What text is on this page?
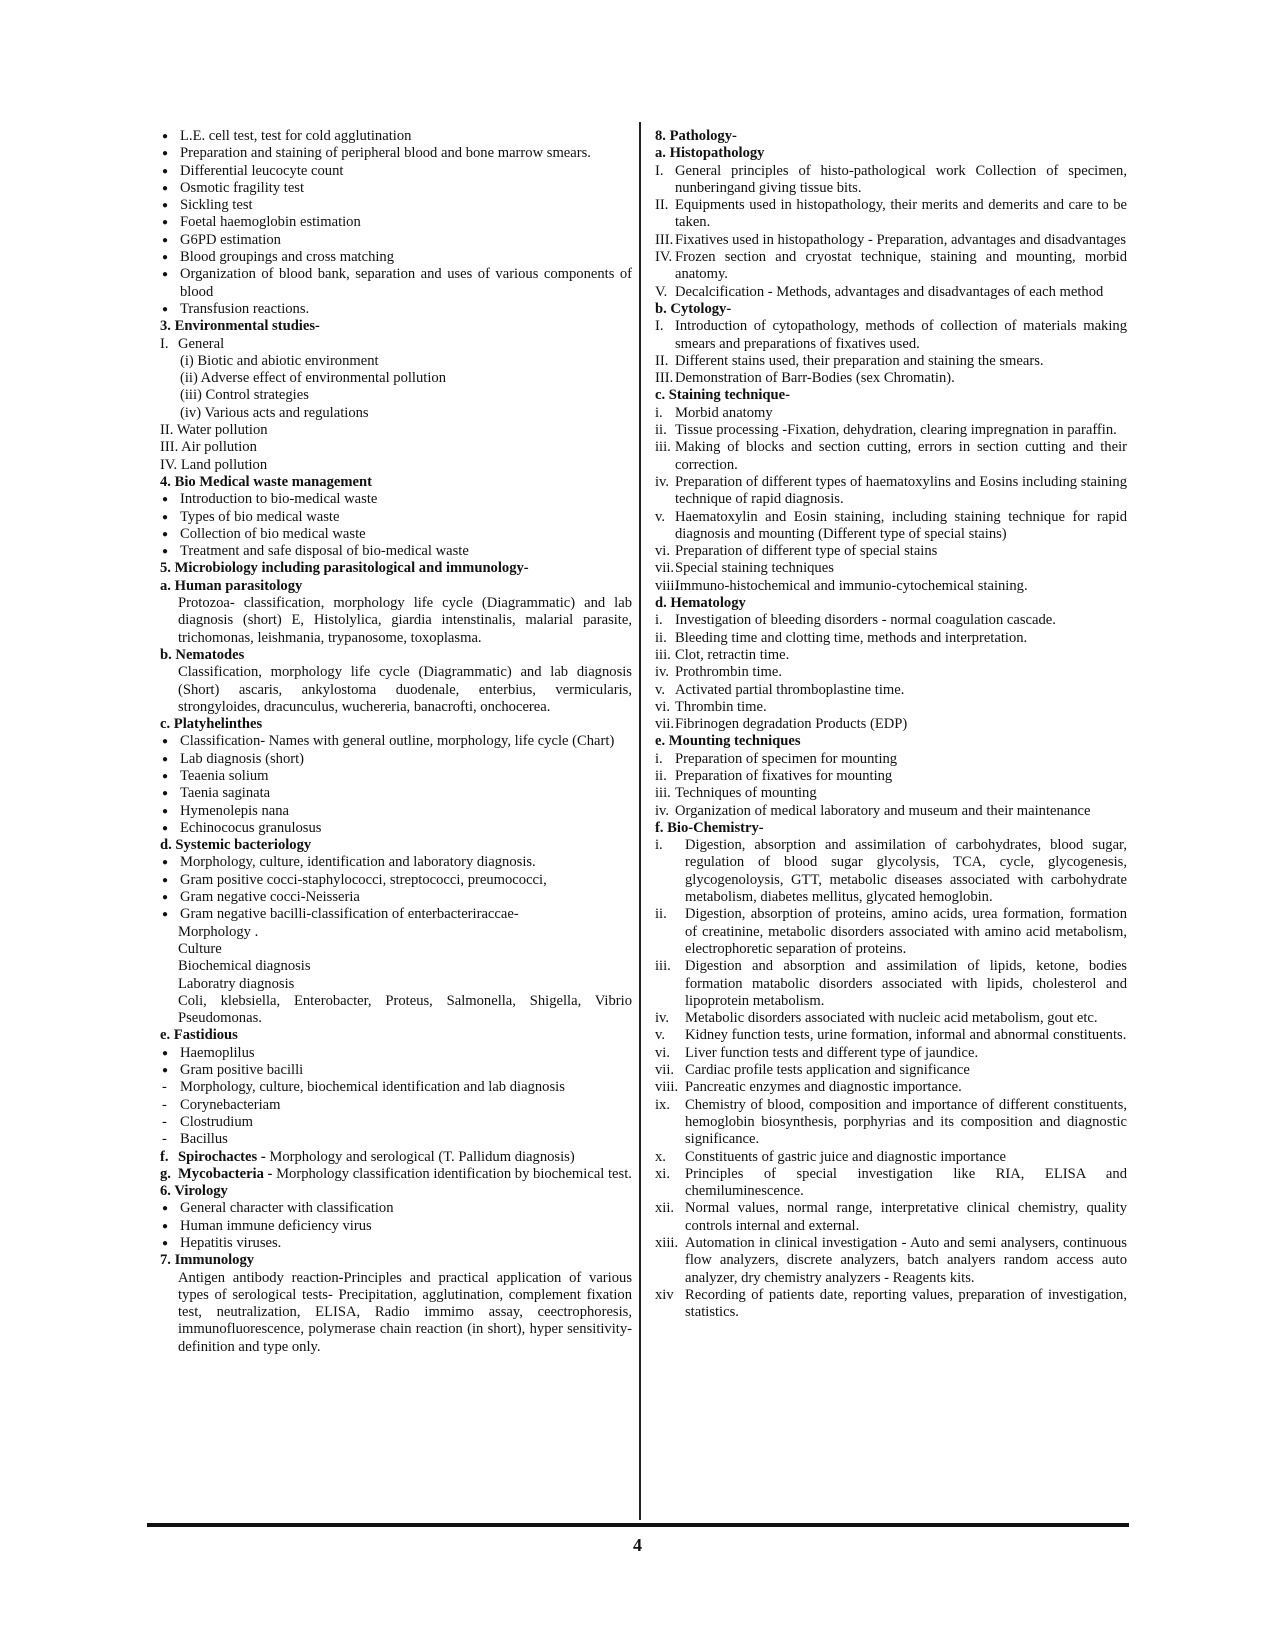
● L.E. cell test, test for cold agglutination
● Preparation and staining of peripheral blood and bone marrow smears.
● Differential leucocyte count
● Osmotic fragility test
● Sickling test
● Foetal haemoglobin estimation
● G6PD estimation
● Blood groupings and cross matching
● Organization of blood bank, separation and uses of various components of blood
● Transfusion reactions.
3. Environmental studies-
I. General
(i) Biotic and abiotic environment
(ii) Adverse effect of environmental pollution
(iii) Control strategies
(iv) Various acts and regulations
II. Water pollution
III. Air pollution
IV. Land pollution
4. Bio Medical waste management
● Introduction to bio-medical waste
● Types of bio medical waste
● Collection of bio medical waste
● Treatment and safe disposal of bio-medical waste
5. Microbiology including parasitological and immunology-
a. Human parasitology
Protozoa- classification, morphology life cycle (Diagrammatic) and lab diagnosis (short) E, Histolylica, giardia intenstinalis, malarial parasite, trichomonas, leishmania, trypanosome, toxoplasma.
b. Nematodes
Classification, morphology life cycle (Diagrammatic) and lab diagnosis (Short) ascaris, ankylostoma duodenale, enterbius, vermicularis, strongyloides, dracunculus, wuchereria, banacrofti, onchocerea.
c. Platyhelinthes
● Classification- Names with general outline, morphology, life cycle (Chart)
● Lab diagnosis (short)
● Teaenia solium
● Taenia saginata
● Hymenolepis nana
● Echinococus granulosus
d. Systemic bacteriology
● Morphology, culture, identification and laboratory diagnosis.
● Gram positive cocci-staphylococci, streptococci, preumococci,
● Gram negative cocci-Neisseria
● Gram negative bacilli-classification of enterbacteriraccae-
Morphology .
Culture
Biochemical diagnosis
Laboratry diagnosis
Coli, klebsiella, Enterobacter, Proteus, Salmonella, Shigella, Vibrio Pseudomonas.
e. Fastidious
● Haemoplilus
● Gram positive bacilli
- Morphology, culture, biochemical identification and lab diagnosis
- Corynebacteriam
- Clostrudium
- Bacillus
f. Spirochactes - Morphology and serological (T. Pallidum diagnosis)
g. Mycobacteria - Morphology classification identification by biochemical test.
6. Virology
● General character with classification
● Human immune deficiency virus
● Hepatitis viruses.
7. Immunology
Antigen antibody reaction-Principles and practical application of various types of serological tests- Precipitation, agglutination, complement fixation test, neutralization, ELISA, Radio immimo assay, ceectrophoresis, immunofluorescence, polymerase chain reaction (in short), hyper sensitivity- definition and type only.
8. Pathology-
a. Histopathology
I. General principles of histo-pathological work Collection of specimen, nunberingand giving tissue bits.
II. Equipments used in histopathology, their merits and demerits and care to be taken.
III. Fixatives used in histopathology - Preparation, advantages and disadvantages
IV. Frozen section and cryostat technique, staining and mounting, morbid anatomy.
V. Decalcification - Methods, advantages and disadvantages of each method
b. Cytology-
I. Introduction of cytopathology, methods of collection of materials making smears and preparations of fixatives used.
II. Different stains used, their preparation and staining the smears.
III. Demonstration of Barr-Bodies (sex Chromatin).
c. Staining technique-
i. Morbid anatomy
ii. Tissue processing -Fixation, dehydration, clearing impregnation in paraffin.
iii. Making of blocks and section cutting, errors in section cutting and their correction.
iv. Preparation of different types of haematoxylins and Eosins including staining technique of rapid diagnosis.
v. Haematoxylin and Eosin staining, including staining technique for rapid diagnosis and mounting (Different type of special stains)
vi. Preparation of different type of special stains
vii. Special staining techniques
viii.
Immuno-histochemical and immunio-cytochemical staining.
d. Hematology
i. Investigation of bleeding disorders - normal coagulation cascade.
ii. Bleeding time and clotting time, methods and interpretation.
iii. Clot, retractin time.
iv. Prothrombin time.
v. Activated partial thromboplastine time.
vi. Thrombin time.
vii. Fibrinogen degradation Products (EDP)
e. Mounting techniques
i. Preparation of specimen for mounting
ii. Preparation of fixatives for mounting
iii. Techniques of mounting
iv. Organization of medical laboratory and museum and their maintenance
f. Bio-Chemistry-
i.	Digestion, absorption and assimilation of carbohydrates, blood sugar, regulation of blood sugar glycolysis, TCA, cycle, glycogenesis, glycogenoloysis, GTT, metabolic diseases associated with carbohydrate metabolism, diabetes mellitus, glycated hemoglobin.
ii.	Digestion, absorption of proteins, amino acids, urea formation, formation of creatinine, metabolic disorders associated with amino acid metabolism, electrophoretic separation of proteins.
iii. Digestion and absorption and assimilation of lipids, ketone, bodies formation matabolic disorders associated with lipids, cholesterol and lipoprotein metabolism.
iv.	Metabolic disorders associated with nucleic acid metabolism, gout etc.
v.	Kidney function tests, urine formation, informal and abnormal constituents.
vi.	Liver function tests and different type of jaundice.
vii. Cardiac profile tests application and significance
viii. Pancreatic enzymes and diagnostic importance.
ix.	Chemistry of blood, composition and importance of different constituents, hemoglobin biosynthesis, porphyrias and its composition and diagnostic significance.
x.	Constituents of gastric juice and diagnostic importance
xi.	Principles of special investigation like RIA, ELISA and chemiluminescence.
xii. Normal values, normal range, interpretative clinical chemistry, quality controls internal and external.
xiii. Automation in clinical investigation - Auto and semi analysers, continuous flow analyzers, discrete analyzers, batch analyers random access auto analyzer, dry chemistry analyzers - Reagents kits.
xiv Recording of patients date, reporting values, preparation of investigation, statistics.
4
